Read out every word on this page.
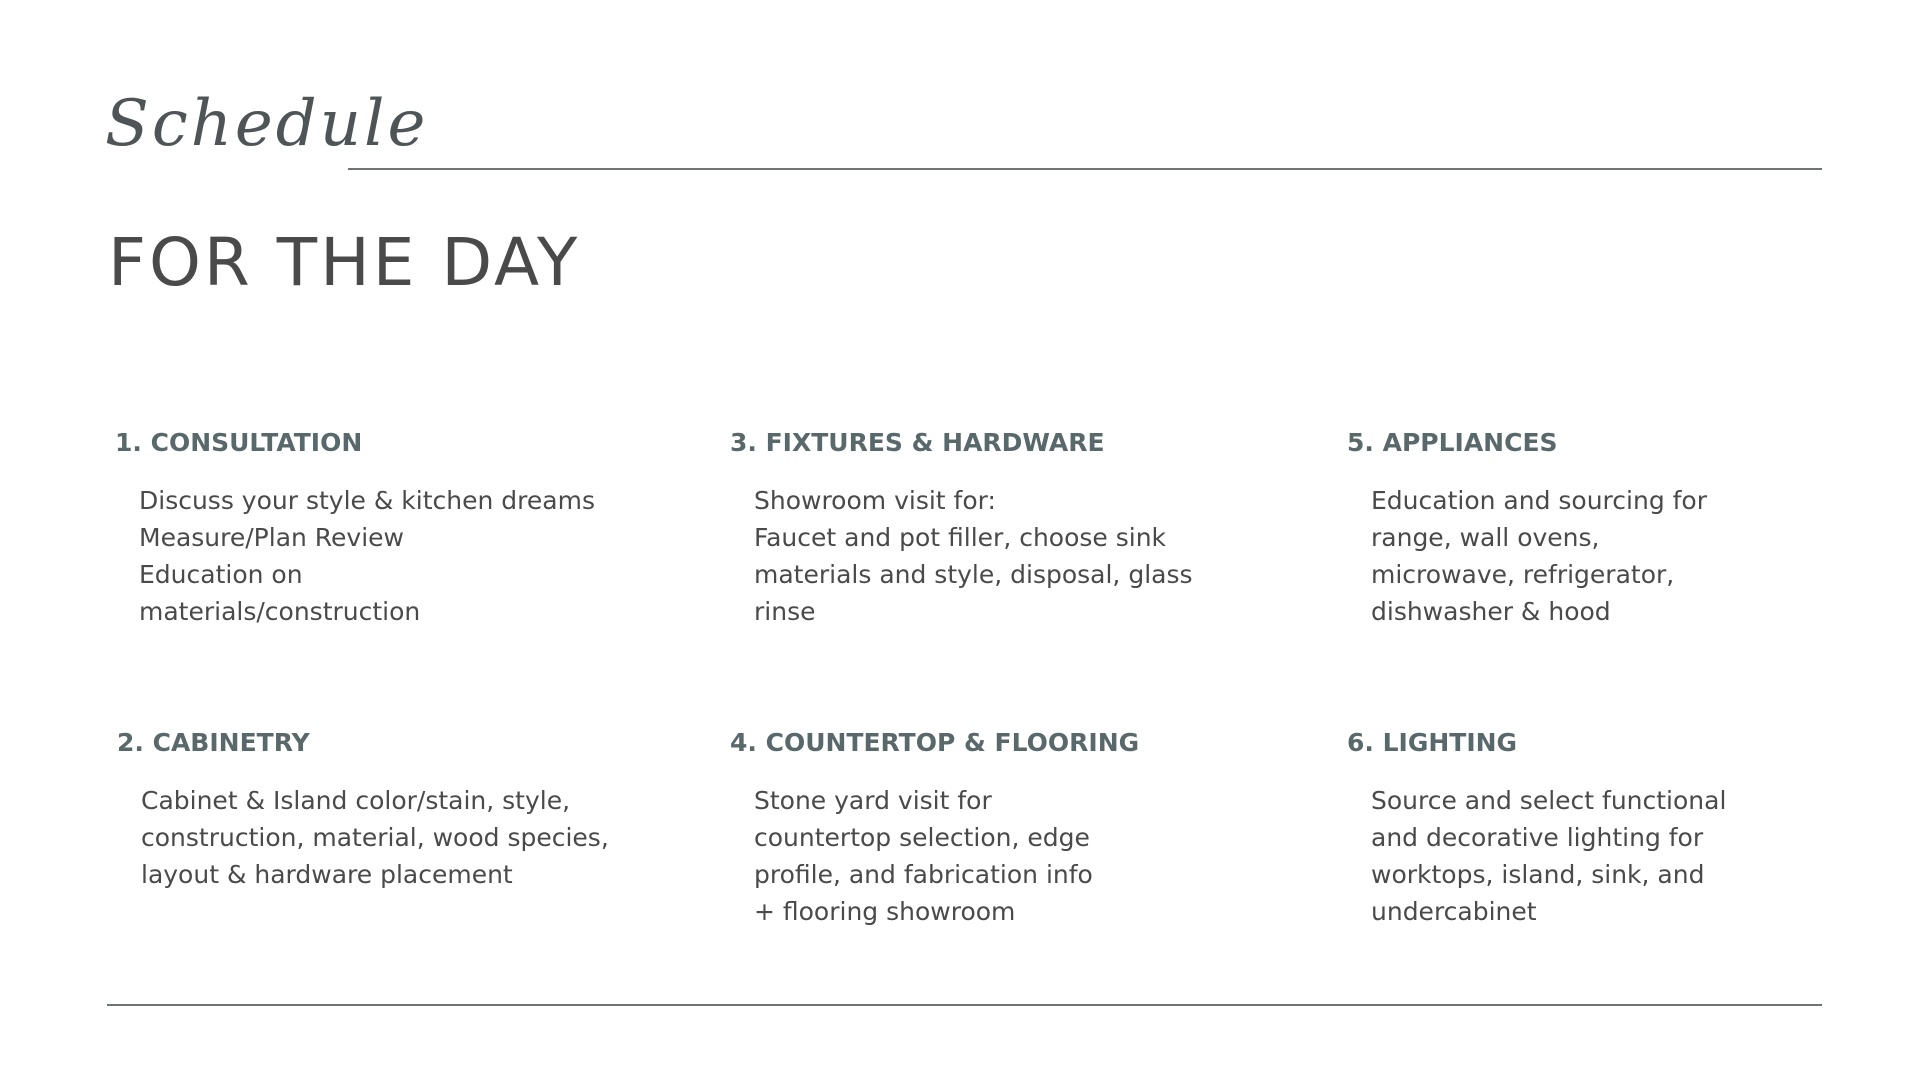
Schedule
FOR THE DAY
1. CONSULTATION
Discuss your style & kitchen dreams
Measure/Plan Review
Education on
materials/construction
2. CABINETRY
Cabinet & Island color/stain, style,
construction, material, wood species,
layout & hardware placement
3. FIXTURES & HARDWARE
Showroom visit for:
Faucet and pot filler, choose sink
materials and style, disposal, glass
rinse
4. COUNTERTOP & FLOORING
Stone yard visit for
countertop selection, edge
profile, and fabrication info
+ flooring showroom
5. APPLIANCES
Education and sourcing for
range, wall ovens,
microwave, refrigerator,
dishwasher & hood
6. LIGHTING
Source and select functional
and decorative lighting for
worktops, island, sink, and
undercabinet
